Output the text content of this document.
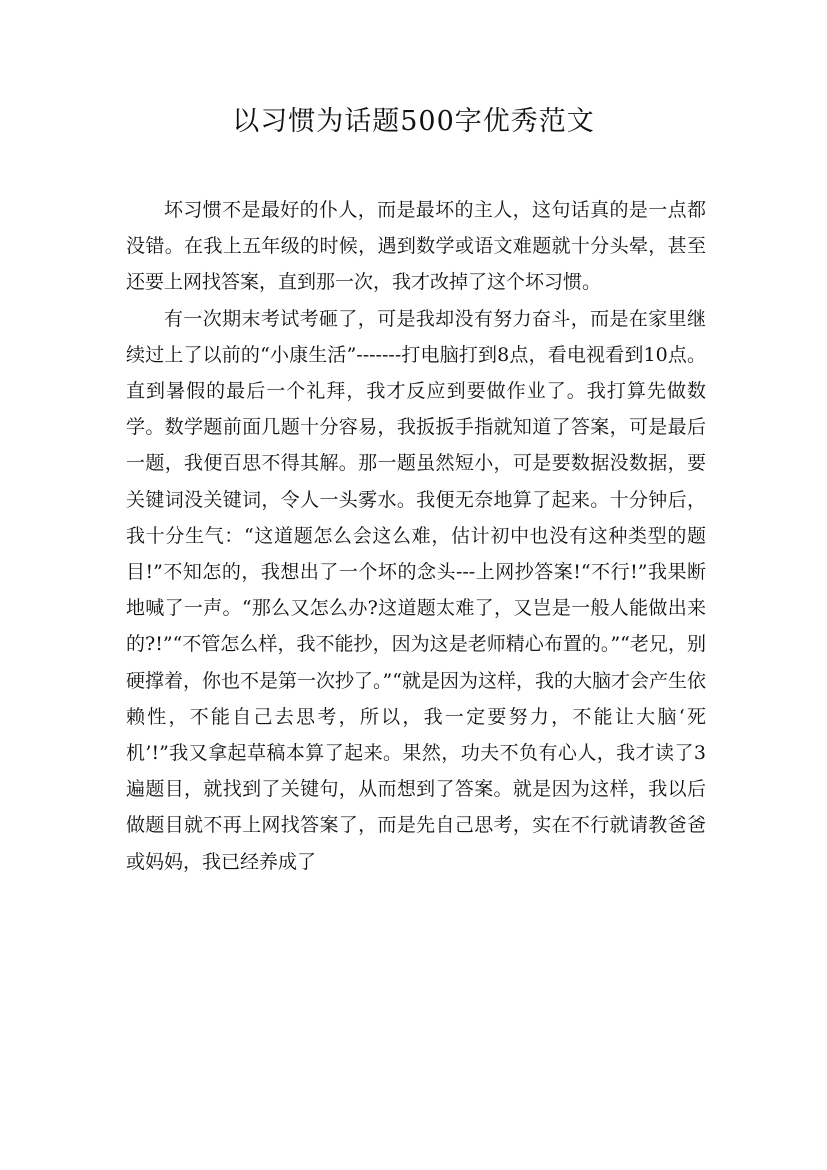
以习惯为话题500字优秀范文

坏习惯不是最好的仆人，而是最坏的主人，这句话真的是一点都没错。在我上五年级的时候，遇到数学或语文难题就十分头晕，甚至还要上网找答案，直到那一次，我才改掉了这个坏习惯。

有一次期末考试考砸了，可是我却没有努力奋斗，而是在家里继续过上了以前的“小康生活”-------打电脑打到8点，看电视看到10点。直到暑假的最后一个礼拜，我才反应到要做作业了。我打算先做数学。数学题前面几题十分容易，我扳扳手指就知道了答案，可是最后一题，我便百思不得其解。那一题虽然短小，可是要数据没数据，要关键词没关键词，令人一头雾水。我便无奈地算了起来。十分钟后，我十分生气：“这道题怎么会这么难，估计初中也没有这种类型的题目!”不知怎的，我想出了一个坏的念头---上网抄答案!“不行!”我果断地喊了一声。“那么又怎么办?这道题太难了，又岂是一般人能做出来的?!”“不管怎么样，我不能抄，因为这是老师精心布置的。”“老兄，别硬撑着，你也不是第一次抄了。”“就是因为这样，我的大脑才会产生依赖性，不能自己去思考，所以，我一定要努力，不能让大脑‘死机’!”我又拿起草稿本算了起来。果然，功夫不负有心人，我才读了3遍题目，就找到了关键句，从而想到了答案。就是因为这样，我以后做题目就不再上网找答案了，而是先自己思考，实在不行就请教爸爸或妈妈，我已经养成了
